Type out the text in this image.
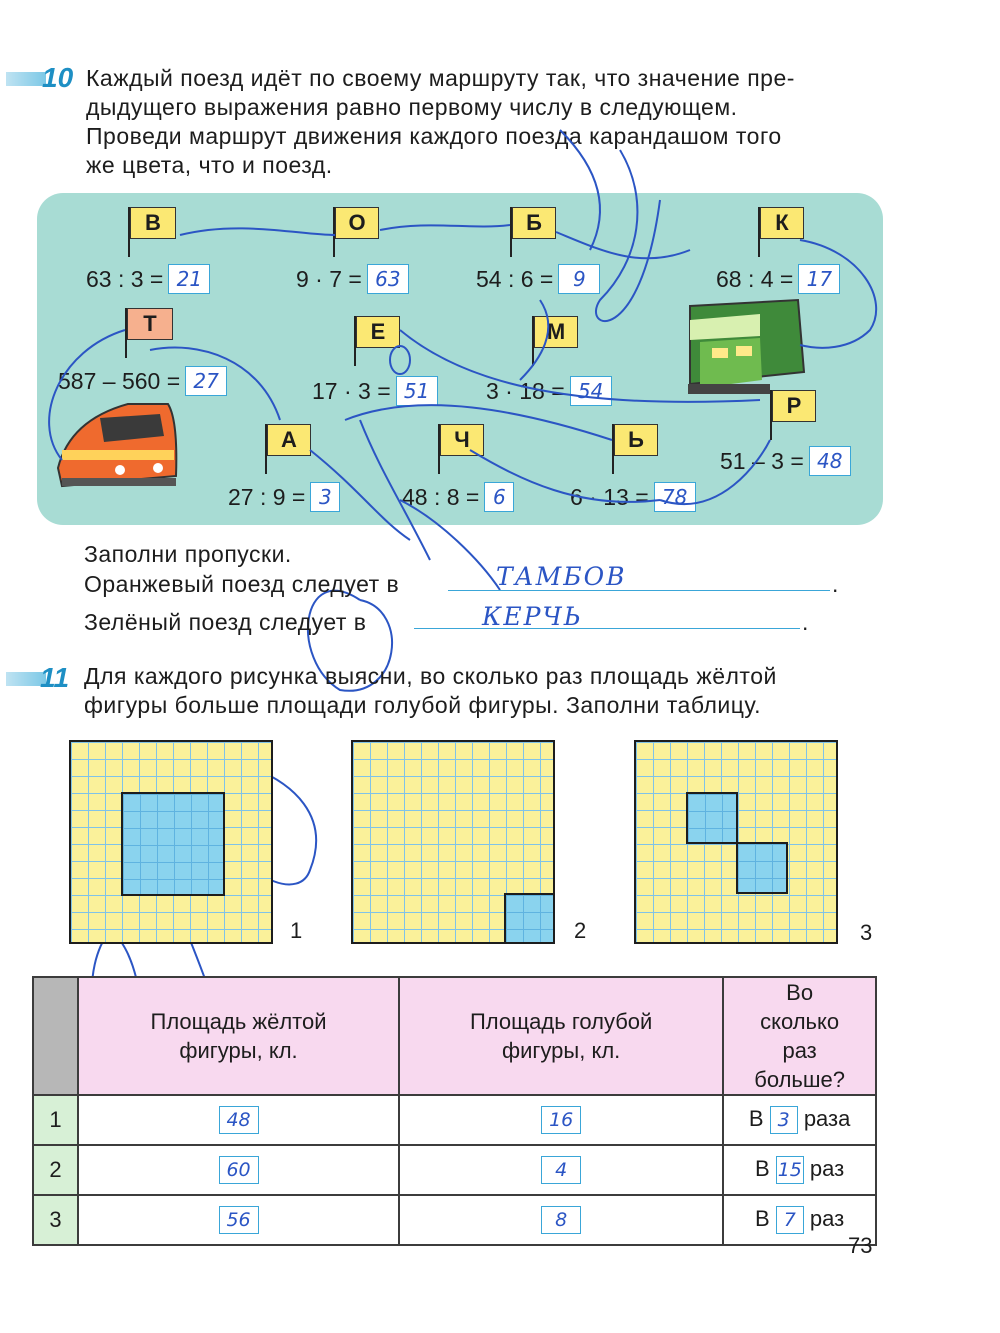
10 Каждый поезд идёт по своему маршруту так, что значение пре-
дыдущего выражения равно первому числу в следующем.
Проведи маршрут движения каждого поезда карандашом того
же цвета, что и поезд.
В
63 : 3 = 21
О
9 · 7 = 63
Б
54 : 6 = 9
К
68 : 4 = 17
Т
587 – 560 = 27
Е
17 · 3 = 51
М
3 · 18 = 54
Р
51 – 3 = 48
А
27 : 9 = 3
Ч
48 : 8 = 6
Ь
6 · 13 = 78
Заполни пропуски.
Оранжевый поезд следует в	ТАМБОВ	.
Зелёный поезд следует в	КЕРЧЬ	.
11 Для каждого рисунка выясни, во сколько раз площадь жёлтой
фигуры больше площади голубой фигуры. Заполни таблицу.
1	2	3
	Площадь жёлтой фигуры, кл.	Площадь голубой фигуры, кл.	Во сколько раз больше?
1	48	16	В 3 раза
2	60	4	В 15 раз
3	56	8	В 7 раз
73
